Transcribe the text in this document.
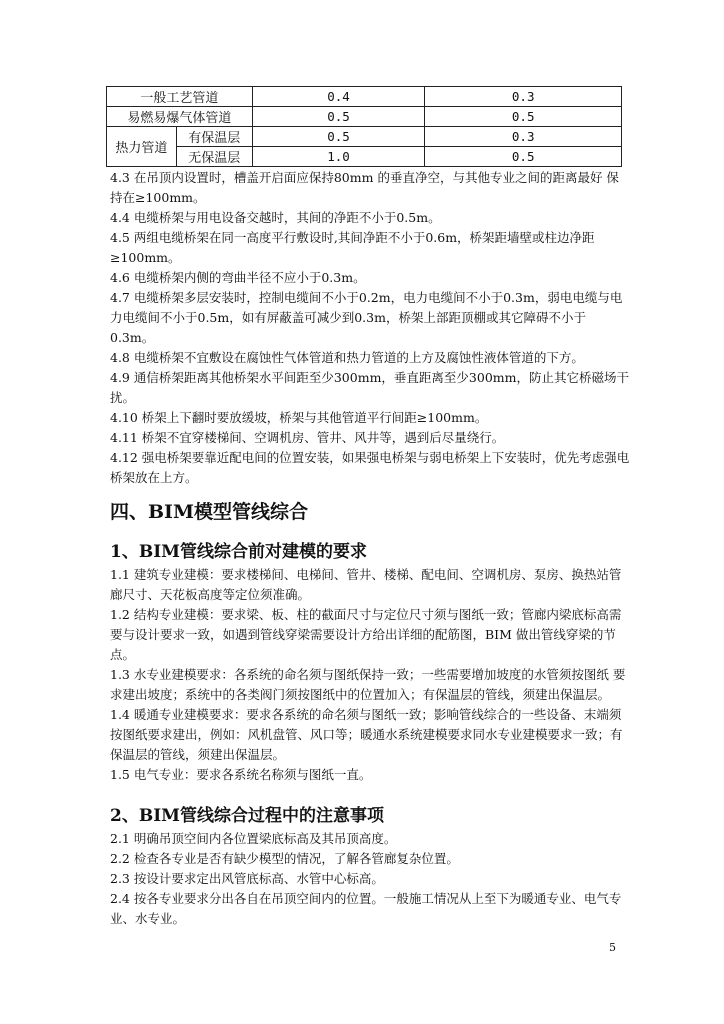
一般工艺管道		0.4	0.3
易燃易爆气体管道		0.5	0.5
热力管道	有保温层	0.5	0.3
	无保温层	1.0	0.5

4.3 在吊顶内设置时，槽盖开启面应保持80mm 的垂直净空，与其他专业之间的距离最好 保持在≥100mm。

4.4 电缆桥架与用电设备交越时，其间的净距不小于0.5m。

4.5 两组电缆桥架在同一高度平行敷设时,其间净距不小于0.6m，桥架距墙壁或柱边净距≥100mm。

4.6 电缆桥架内侧的弯曲半径不应小于0.3m。

4.7 电缆桥架多层安装时，控制电缆间不小于0.2m，电力电缆间不小于0.3m，弱电电缆与电力电缆间不小于0.5m，如有屏蔽盖可减少到0.3m，桥架上部距顶棚或其它障碍不小于0.3m。

4.8 电缆桥架不宜敷设在腐蚀性气体管道和热力管道的上方及腐蚀性液体管道的下方。

4.9 通信桥架距离其他桥架水平间距至少300mm，垂直距离至少300mm，防止其它桥磁场干扰。

4.10 桥架上下翻时要放缓坡，桥架与其他管道平行间距≥100mm。

4.11 桥架不宜穿楼梯间、空调机房、管井、风井等，遇到后尽量绕行。

4.12 强电桥架要靠近配电间的位置安装，如果强电桥架与弱电桥架上下安装时，优先考虑强电桥架放在上方。

四、BIM模型管线综合
1、BIM管线综合前对建模的要求

1.1 建筑专业建模：要求楼梯间、电梯间、管井、楼梯、配电间、空调机房、泵房、换热站管廊尺寸、天花板高度等定位须准确。

1.2 结构专业建模：要求梁、板、柱的截面尺寸与定位尺寸须与图纸一致；管廊内梁底标高需要与设计要求一致，如遇到管线穿梁需要设计方给出详细的配筋图，BIM 做出管线穿梁的节点。

1.3 水专业建模要求：各系统的命名须与图纸保持一致；一些需要增加坡度的水管须按图纸 要求建出坡度；系统中的各类阀门须按图纸中的位置加入；有保温层的管线，须建出保温层。

1.4 暖通专业建模要求：要求各系统的命名须与图纸一致；影响管线综合的一些设备、末端须按图纸要求建出，例如：风机盘管、风口等；暖通水系统建模要求同水专业建模要求一致；有保温层的管线，须建出保温层。

1.5 电气专业：要求各系统名称须与图纸一直。

2、BIM管线综合过程中的注意事项

2.1 明确吊顶空间内各位置梁底标高及其吊顶高度。

2.2 检查各专业是否有缺少模型的情况，了解各管廊复杂位置。

2.3 按设计要求定出风管底标高、水管中心标高。

2.4 按各专业要求分出各自在吊顶空间内的位置。一般施工情况从上至下为暖通专业、电气专业、水专业。

5
